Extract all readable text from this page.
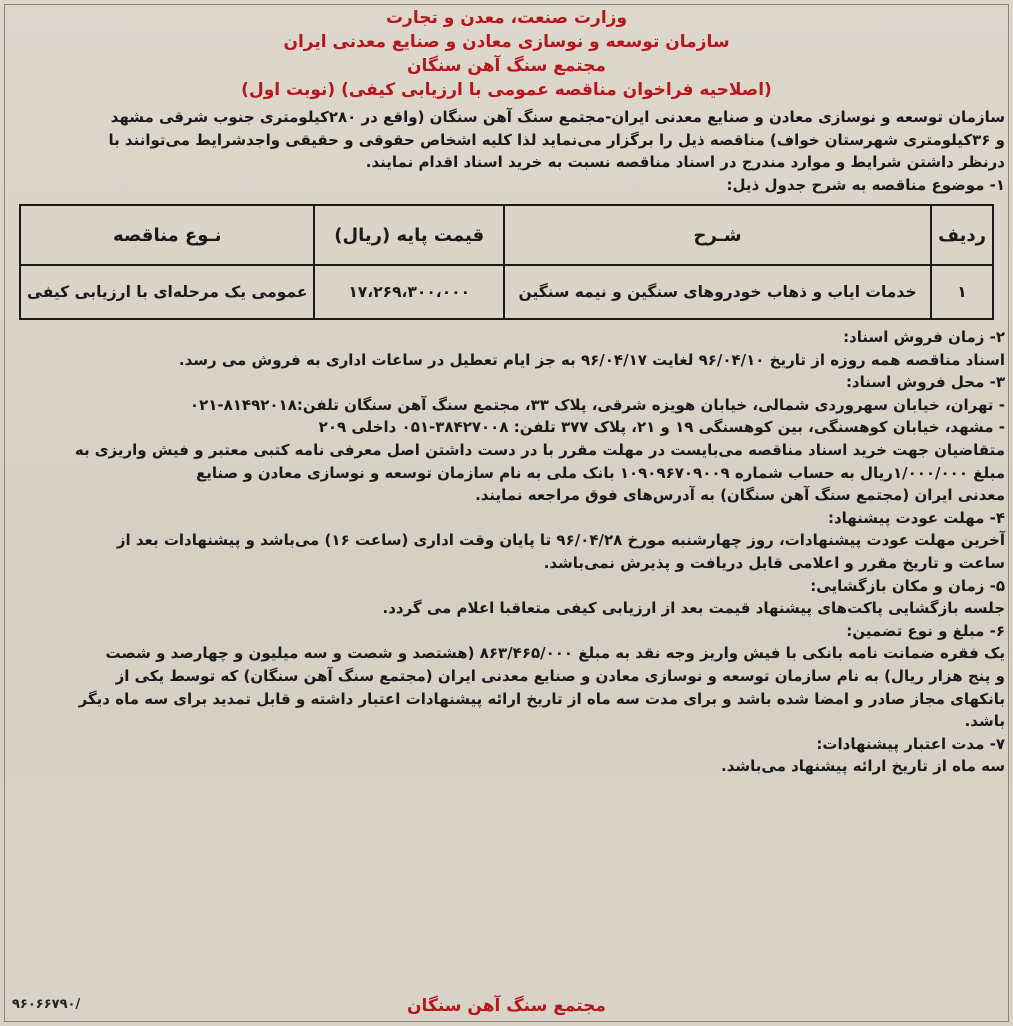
وزارت صنعت، معدن و تجارت
سازمان توسعه و نوسازی معادن و صنایع معدنی ایران
مجتمع سنگ آهن سنگان
(اصلاحیه فراخوان مناقصه عمومی با ارزیابی کیفی) (نوبت اول)

سازمان توسعه و نوسازی معادن و صنایع معدنی ایران-مجتمع سنگ آهن سنگان (واقع در ۲۸۰کیلومتری جنوب شرقی مشهد

و ۳۶کیلومتری شهرستان خواف) مناقصه ذیل را برگزار می‌نماید لذا کلیه اشخاص حقوقی و حقیقی واجدشرایط می‌توانند با

درنظر داشتن شرایط و موارد مندرج در اسناد مناقصه نسبت به خرید اسناد اقدام نمایند.

۱- موضوع مناقصه به شرح جدول ذیل:

ردیف	شـرح	قیمت پایه (ریال)	نـوع مناقصه
۱	خدمات ایاب و ذهاب خودروهای سنگین و نیمه سنگین	۱۷،۲۶۹،۳۰۰،۰۰۰	عمومی یک مرحله‌ای با ارزیابی کیفی

۲- زمان فروش اسناد:

اسناد مناقصه همه روزه از تاریخ ۹۶/۰۴/۱۰ لغایت ۹۶/۰۴/۱۷ به جز ایام تعطیل در ساعات اداری به فروش می رسد.

۳- محل فروش اسناد:

- تهران، خیابان سهروردی شمالی، خیابان هویزه شرقی، پلاک ۳۳، مجتمع سنگ آهن سنگان تلفن:۸۱۴۹۲۰۱۸-۰۲۱

- مشهد، خیابان کوهسنگی، بین کوهسنگی ۱۹ و ۲۱، پلاک ۳۷۷ تلفن: ۳۸۴۲۷۰۰۸-۰۵۱ داخلی ۲۰۹

متقاضیان جهت خرید اسناد مناقصه می‌بایست در مهلت مقرر با در دست داشتن اصل معرفی نامه کتبی معتبر و فیش واریزی به

مبلغ ۱/۰۰۰/۰۰۰ریال به حساب شماره ۱۰۹۰۹۶۷۰۹۰۰۹ بانک ملی به نام سازمان توسعه و نوسازی معادن و صنایع

معدنی ایران (مجتمع سنگ آهن سنگان) به آدرس‌های فوق مراجعه نمایند.

۴- مهلت عودت پیشنهاد:

آخرین مهلت عودت پیشنهادات، روز چهارشنبه مورخ ۹۶/۰۴/۲۸ تا پایان وقت اداری (ساعت ۱۶) می‌باشد و پیشنهادات بعد از

ساعت و تاریخ مقرر و اعلامی قابل دریافت و پذیرش نمی‌باشد.

۵- زمان و مکان بازگشایی:

جلسه بازگشایی پاکت‌های پیشنهاد قیمت بعد از ارزیابی کیفی متعاقبا اعلام می گردد.

۶- مبلغ و نوع تضمین:

یک فقره ضمانت نامه بانکی با فیش واریز وجه نقد به مبلغ ۸۶۳/۴۶۵/۰۰۰ (هشتصد و شصت و سه میلیون و چهارصد و شصت

و پنج هزار ریال) به نام سازمان توسعه و نوسازی معادن و صنایع معدنی ایران (مجتمع سنگ آهن سنگان) که توسط یکی از

بانکهای مجاز صادر و امضا شده باشد و برای مدت سه ماه از تاریخ ارائه پیشنهادات اعتبار داشته و قابل تمدید برای سه ماه دیگر

باشد.

۷- مدت اعتبار پیشنهادات:

سه ماه از تاریخ ارائه پیشنهاد می‌باشد.

مجتمع سنگ آهن سنگان
۹۶۰۶۶۷۹۰/
